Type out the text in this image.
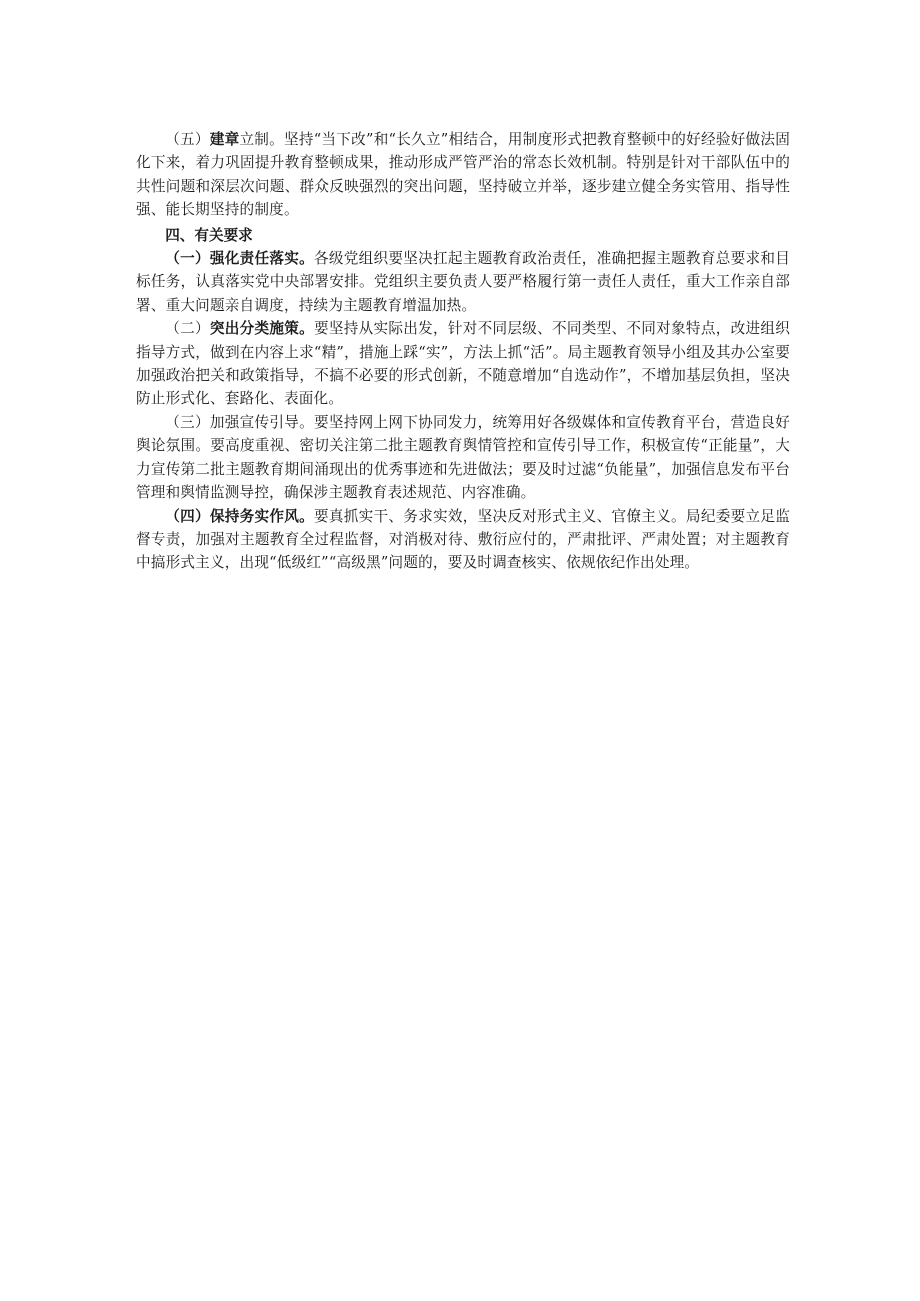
（五）建章立制。坚持“当下改”和“长久立”相结合，用制度形式把教育整顿中的好经验好做法固化下来，着力巩固提升教育整顿成果，推动形成严管严治的常态长效机制。特别是针对干部队伍中的共性问题和深层次问题、群众反映强烈的突出问题，坚持破立并举，逐步建立健全务实管用、指导性强、能长期坚持的制度。

四、有关要求

（一）强化责任落实。各级党组织要坚决扛起主题教育政治责任，准确把握主题教育总要求和目标任务，认真落实党中央部署安排。党组织主要负责人要严格履行第一责任人责任，重大工作亲自部署、重大问题亲自调度，持续为主题教育增温加热。

（二）突出分类施策。要坚持从实际出发，针对不同层级、不同类型、不同对象特点，改进组织指导方式，做到在内容上求“精”，措施上踩“实”，方法上抓“活”。局主题教育领导小组及其办公室要加强政治把关和政策指导，不搞不必要的形式创新，不随意增加“自选动作”，不增加基层负担，坚决防止形式化、套路化、表面化。

（三）加强宣传引导。要坚持网上网下协同发力，统筹用好各级媒体和宣传教育平台，营造良好舆论氛围。要高度重视、密切关注第二批主题教育舆情管控和宣传引导工作，积极宣传“正能量”，大力宣传第二批主题教育期间涌现出的优秀事迹和先进做法；要及时过滤“负能量”，加强信息发布平台管理和舆情监测导控，确保涉主题教育表述规范、内容准确。

（四）保持务实作风。要真抓实干、务求实效，坚决反对形式主义、官僚主义。局纪委要立足监督专责，加强对主题教育全过程监督，对消极对待、敷衍应付的，严肃批评、严肃处置；对主题教育中搞形式主义，出现“低级红”“高级黑”问题的，要及时调查核实、依规依纪作出处理。
